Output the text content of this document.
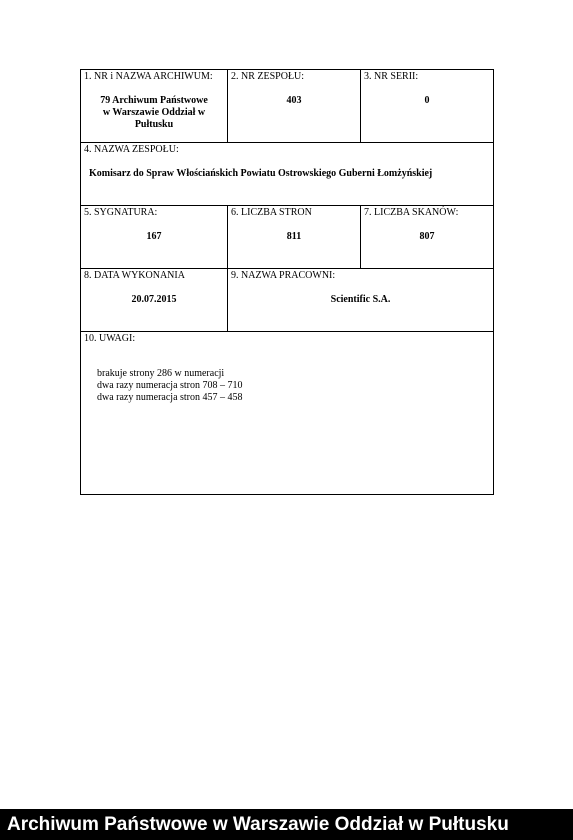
1. NR i NAZWA ARCHIWUM:
79 Archiwum Państwowe
w Warszawie Oddział w
Pułtusku
2. NR ZESPOŁU:
403
3. NR SERII:
0
4. NAZWA ZESPOŁU:
Komisarz do Spraw Włościańskich Powiatu Ostrowskiego Guberni Łomżyńskiej
5. SYGNATURA:
167
6. LICZBA STRON
811
7. LICZBA SKANÓW:
807
8. DATA WYKONANIA
20.07.2015
9. NAZWA PRACOWNI:
Scientific S.A.
10. UWAGI:
brakuje strony 286 w numeracji
dwa razy numeracja stron 708 – 710
dwa razy numeracja stron 457 – 458
Archiwum Państwowe w Warszawie Oddział w Pułtusku
